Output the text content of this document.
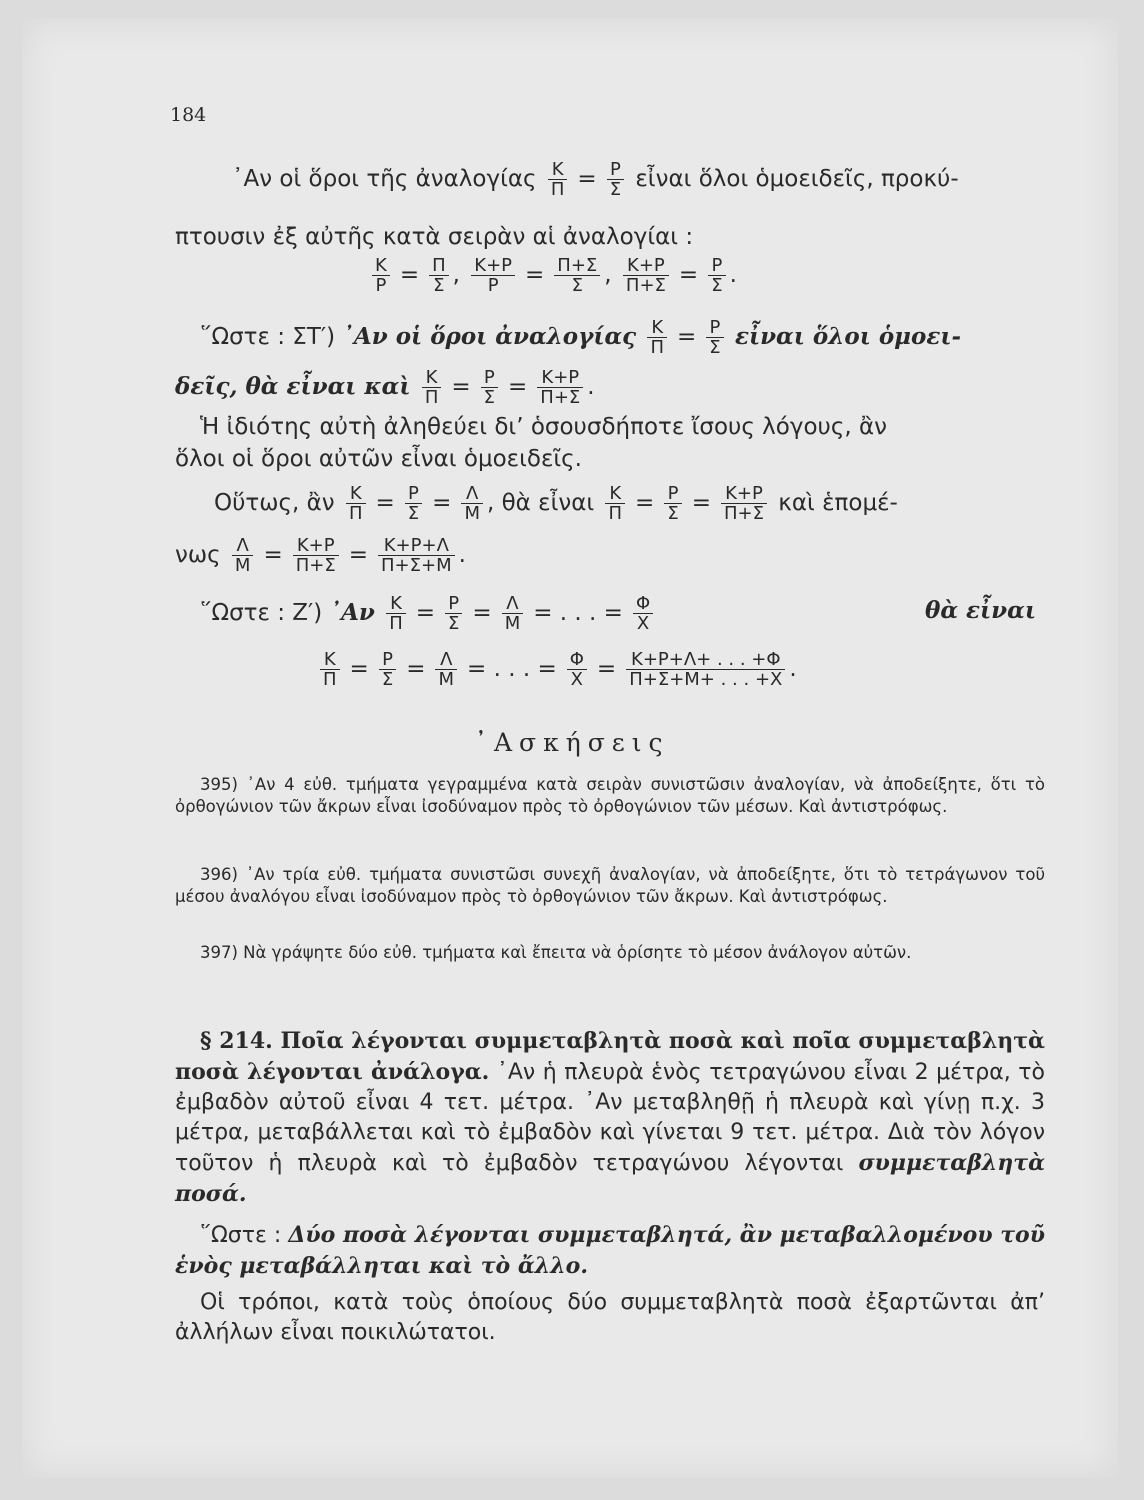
184
᾽Αν οἱ ὅροι τῆς ἀναλογίας $\frac{K}{\Pi} = \frac{P}{\Sigma}$ εἶναι ὅλοι ὁμοειδεῖς, προκύ-
πτουσιν ἐξ αὐτῆς κατὰ σειρὰν αἱ ἀναλογίαι :
$\frac{K}{P} = \frac{\Pi}{\Sigma}$ , $\frac{K+P}{P} = \frac{\Pi+\Sigma}{\Sigma}$ , $\frac{K+P}{\Pi+\Sigma} = \frac{P}{\Sigma}$ .
῞Ωστε : ΣΤ′) ᾽Αν οἱ ὅροι ἀναλογίας $\frac{K}{\Pi} = \frac{P}{\Sigma}$ εἶναι ὅλοι ὁμοει-
δεῖς, θὰ εἶναι καὶ $\frac{K}{\Pi} = \frac{P}{\Sigma} = \frac{K+P}{\Pi+\Sigma}$ .
Ἡ ἰδιότης αὐτὴ ἀληθεύει δι’ ὁσουσδήποτε ἴσους λόγους, ἂν
ὅλοι οἱ ὅροι αὐτῶν εἶναι ὁμοειδεῖς.
Οὕτως, ἂν $\frac{K}{\Pi} = \frac{P}{\Sigma} = \frac{\Lambda}{M}$ , θὰ εἶναι $\frac{K}{\Pi} = \frac{P}{\Sigma} = \frac{K+P}{\Pi+\Sigma}$ καὶ ἑπομέ-
νως $\frac{\Lambda}{M} = \frac{K+P}{\Pi+\Sigma} = \frac{K+P+\Lambda}{\Pi+\Sigma+M}$ .
῞Ωστε : Ζ′) ᾽Αν $\frac{K}{\Pi} = \frac{P}{\Sigma} = \frac{\Lambda}{M}$ = . . . = $\frac{\Phi}{X}$	θὰ εἶναι
$\frac{K}{\Pi} = \frac{P}{\Sigma} = \frac{\Lambda}{M}$ = . . . = $\frac{\Phi}{X} = \frac{K+P+\Lambda+ . . . +\Phi}{\Pi+\Sigma+M+ . . . +X}$ .
᾽Ασκήσεις
395) ᾽Αν 4 εὐθ. τμήματα γεγραμμένα κατὰ σειρὰν συνιστῶσιν ἀναλογίαν, νὰ ἀποδείξητε, ὅτι τὸ ὀρθογώνιον τῶν ἄκρων εἶναι ἰσοδύναμον πρὸς τὸ ὀρθογώνιον τῶν μέσων. Καὶ ἀντιστρόφως.
396) ᾽Αν τρία εὐθ. τμήματα συνιστῶσι συνεχῆ ἀναλογίαν, νὰ ἀποδείξητε, ὅτι τὸ τετράγωνον τοῦ μέσου ἀναλόγου εἶναι ἰσοδύναμον πρὸς τὸ ὀρθογώνιον τῶν ἄκρων. Καὶ ἀντιστρόφως.
397) Νὰ γράψητε δύο εὐθ. τμήματα καὶ ἔπειτα νὰ ὁρίσητε τὸ μέσον ἀνάλογον αὐτῶν.
§ 214. Ποῖα λέγονται συμμεταβλητὰ ποσὰ καὶ ποῖα συμμεταβλητὰ ποσὰ λέγονται ἀνάλογα. ᾽Αν ἡ πλευρὰ ἑνὸς τετραγώνου εἶναι 2 μέτρα, τὸ ἐμβαδὸν αὐτοῦ εἶναι 4 τετ. μέτρα. ᾽Αν μεταβληθῇ ἡ πλευρὰ καὶ γίνῃ π.χ. 3 μέτρα, μεταβάλλεται καὶ τὸ ἐμβαδὸν καὶ γίνεται 9 τετ. μέτρα. Διὰ τὸν λόγον τοῦτον ἡ πλευρὰ καὶ τὸ ἐμβαδὸν τετραγώνου λέγονται συμμεταβλητὰ ποσά.
῞Ωστε : Δύο ποσὰ λέγονται συμμεταβλητά, ἂν μεταβαλλομένου τοῦ ἑνὸς μεταβάλληται καὶ τὸ ἄλλο.
Οἱ τρόποι, κατὰ τοὺς ὁποίους δύο συμμεταβλητὰ ποσὰ ἐξαρτῶνται ἀπ’ ἀλλήλων εἶναι ποικιλώτατοι.
